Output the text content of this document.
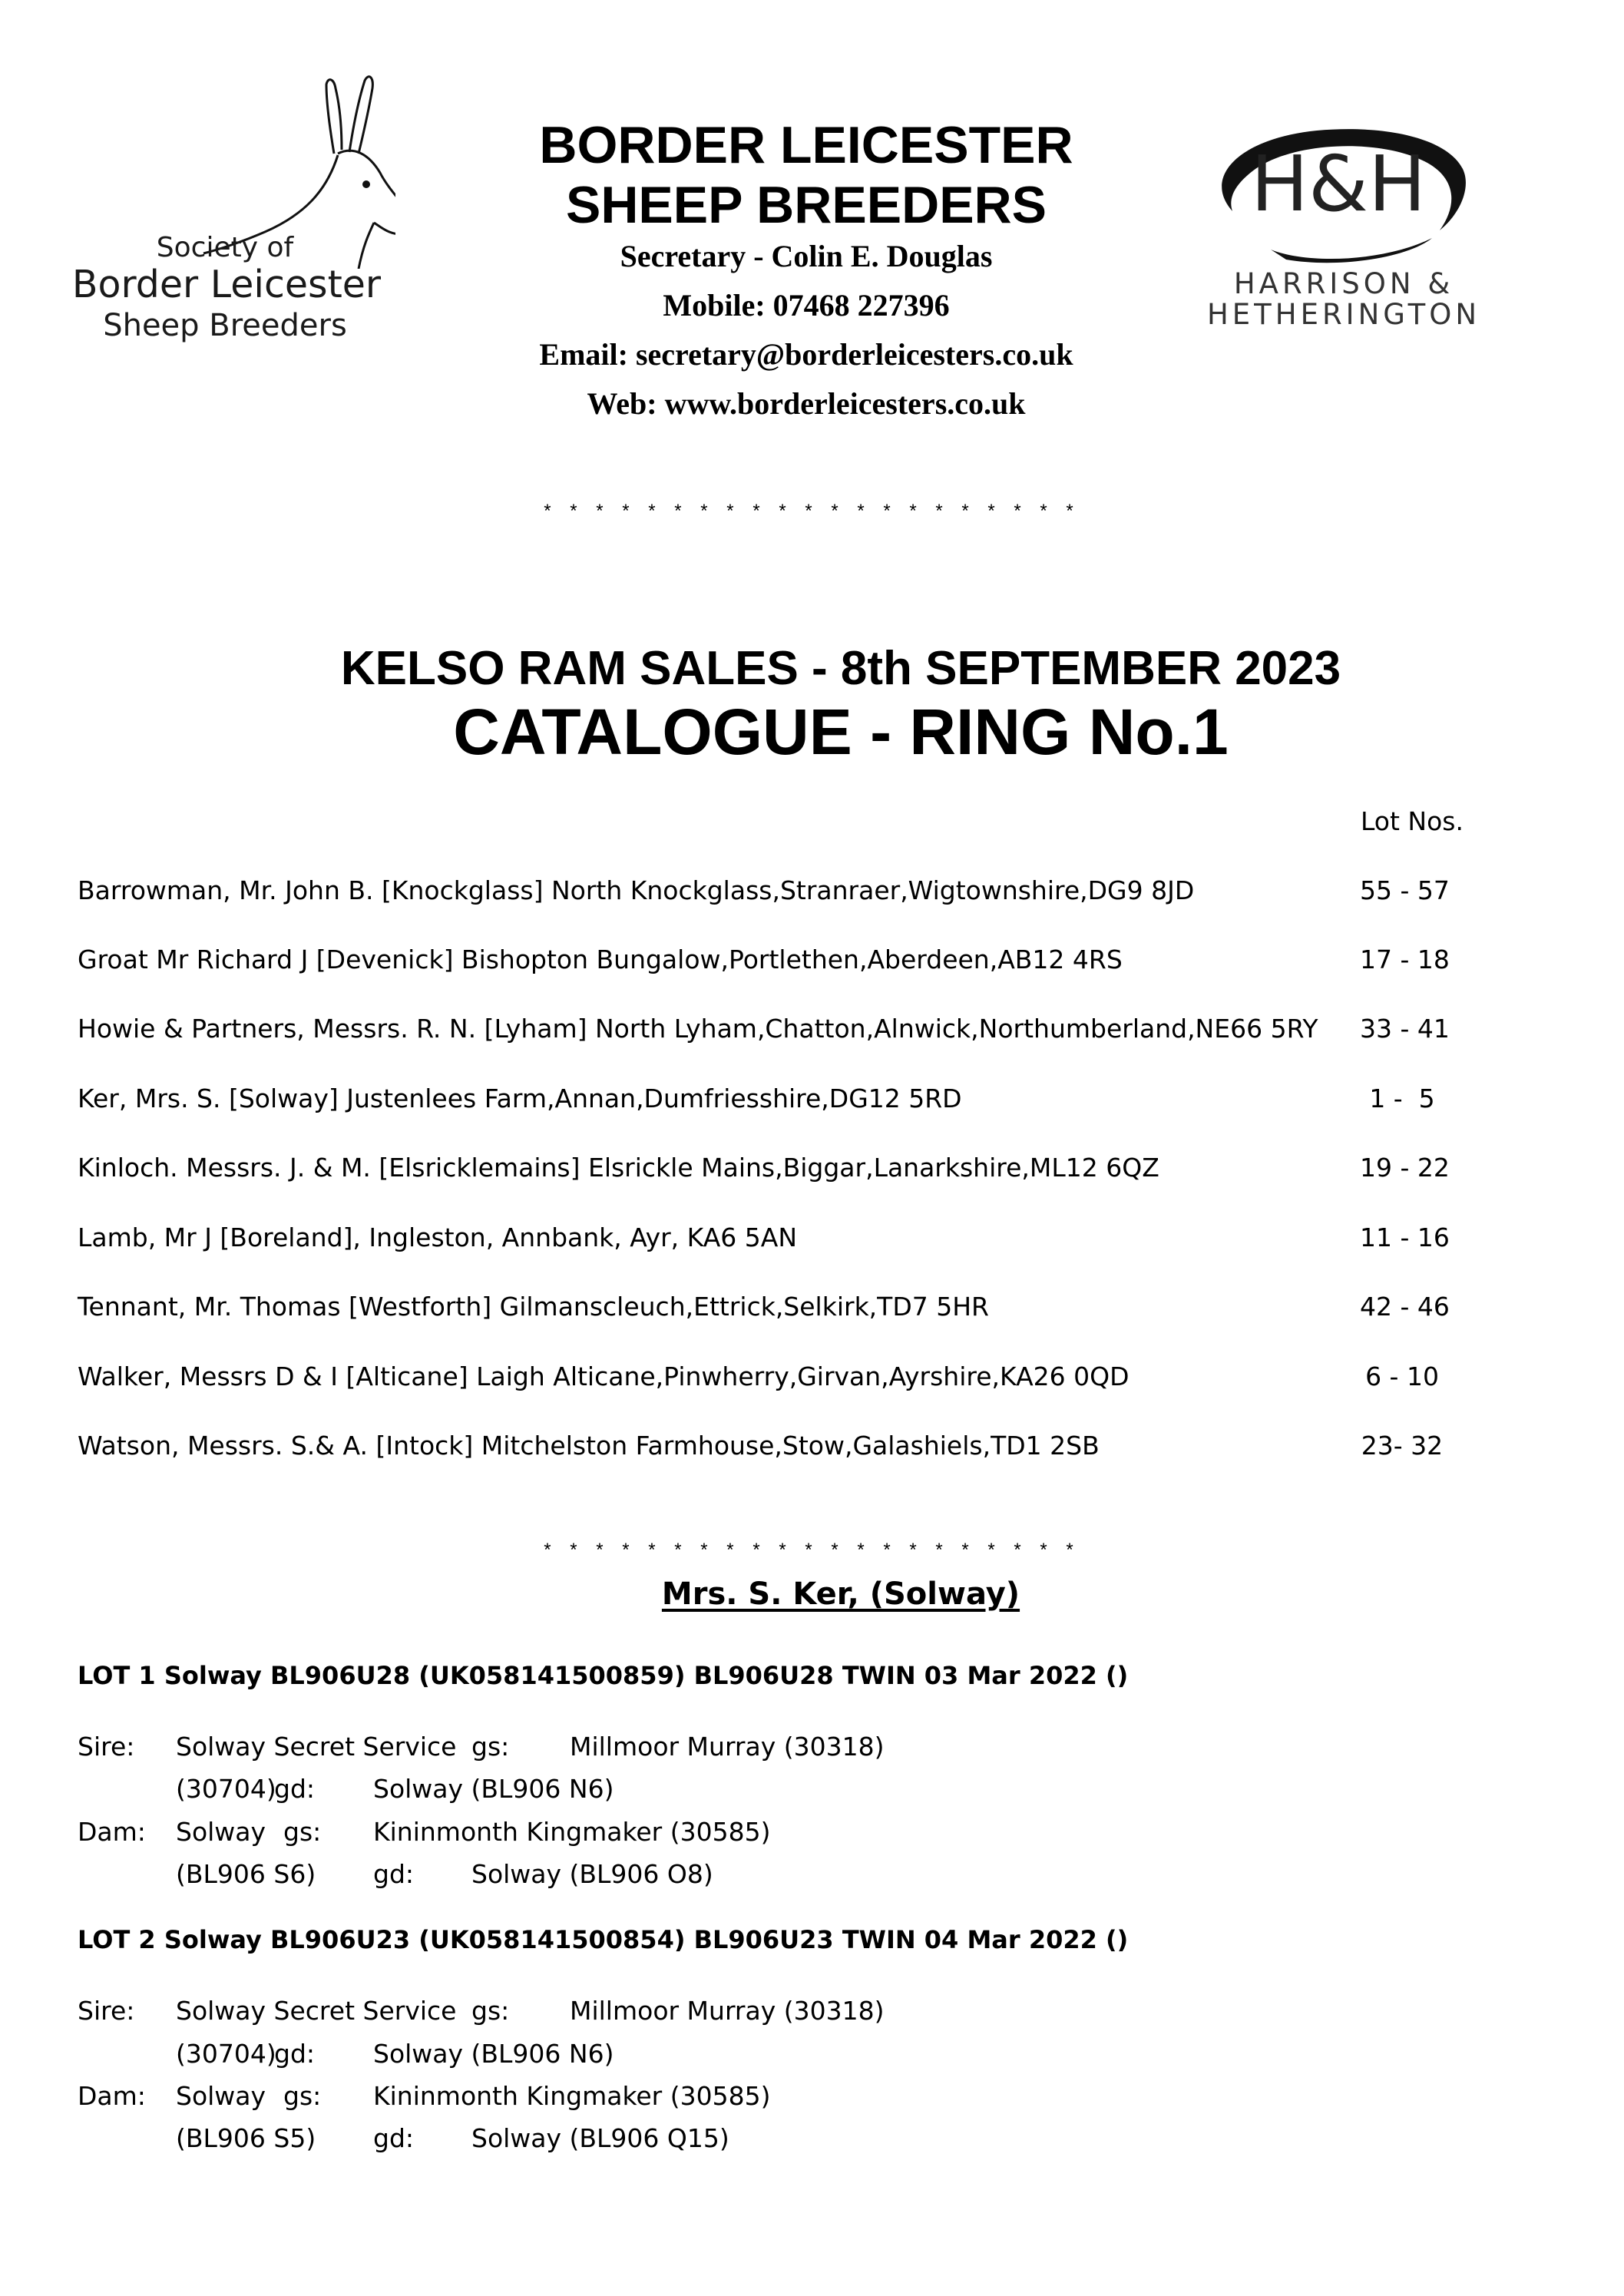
Society of
Border Leicester
Sheep Breeders
BORDER LEICESTER
SHEEP BREEDERS
Secretary - Colin E. Douglas
Mobile: 07468 227396
Email: secretary@borderleicesters.co.uk
Web: www.borderleicesters.co.uk
H&H
HARRISON &
HETHERINGTON
* * * * * * * * * * * * * * * * * * * * *
KELSO RAM SALES - 8th SEPTEMBER 2023
CATALOGUE - RING No.1
Lot Nos.
Barrowman, Mr. John B. [Knockglass] North Knockglass,Stranraer,Wigtownshire,DG9 8JD	55 - 57
Groat Mr Richard J [Devenick] Bishopton Bungalow,Portlethen,Aberdeen,AB12 4RS	17 - 18
Howie & Partners, Messrs. R. N. [Lyham] North Lyham,Chatton,Alnwick,Northumberland,NE66 5RY 33 - 41
Ker, Mrs. S. [Solway] Justenlees Farm,Annan,Dumfriesshire,DG12 5RD	1 -  5
Kinloch. Messrs. J. & M. [Elsricklemains] Elsrickle Mains,Biggar,Lanarkshire,ML12 6QZ	19 - 22
Lamb, Mr J [Boreland], Ingleston, Annbank, Ayr, KA6 5AN	11 - 16
Tennant, Mr. Thomas [Westforth] Gilmanscleuch,Ettrick,Selkirk,TD7 5HR	42 - 46
Walker, Messrs D & I [Alticane] Laigh Alticane,Pinwherry,Girvan,Ayrshire,KA26 0QD	6 - 10
Watson, Messrs. S.& A. [Intock] Mitchelston Farmhouse,Stow,Galashiels,TD1 2SB	23- 32
* * * * * * * * * * * * * * * * * * * * *
Mrs. S. Ker, (Solway)
LOT 1 Solway BL906U28 (UK058141500859) BL906U28 TWIN 03 Mar 2022 ()
Sire: Solway Secret Service gs: Millmoor Murray (30318)
(30704)
gd: Solway (BL906 N6)
Dam: Solway gs: Kininmonth Kingmaker (30585)
(BL906 S6) gd: Solway (BL906 O8)
LOT 2 Solway BL906U23 (UK058141500854) BL906U23 TWIN 04 Mar 2022 ()
Sire: Solway Secret Service gs: Millmoor Murray (30318)
(30704)
gd: Solway (BL906 N6)
Dam: Solway gs: Kininmonth Kingmaker (30585)
(BL906 S5) gd: Solway (BL906 Q15)
